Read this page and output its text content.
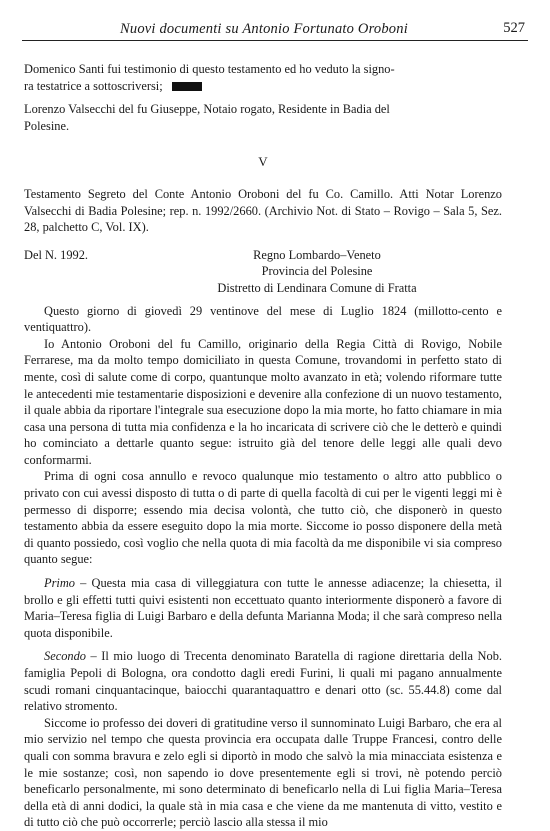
Nuovi documenti su Antonio Fortunato Oroboni	527

Domenico Santi fui testimonio di questo testamento ed ho veduto la signo-

ra testatrice a sottoscriversi;

Lorenzo Valsecchi del fu Giuseppe, Notaio rogato, Residente in Badia del

Polesine.

V

Testamento Segreto del Conte Antonio Oroboni del fu Co. Camillo. Atti Notar Lorenzo Valsecchi di Badia Polesine; rep. n. 1992/2660. (Archivio Not. di Stato – Rovigo – Sala 5, Sez. 28, palchetto C, Vol. IX).

Del N. 1992.	Regno Lombardo–Veneto
Provincia del Polesine
Distretto di Lendinara Comune di Fratta

Questo giorno di giovedì 29 ventinove del mese di Luglio 1824 (millotto-cento e ventiquattro).

Io Antonio Oroboni del fu Camillo, originario della Regia Città di Rovigo, Nobile Ferrarese, ma da molto tempo domiciliato in questa Comune, trovandomi in perfetto stato di mente, così di salute come di corpo, quantunque molto avanzato in età; volendo riformare tutte le antecedenti mie testamentarie disposizioni e devenire alla confezione di un nuovo testamento, il quale abbia da riportare l'integrale sua esecuzione dopo la mia morte, ho fatto chiamare in mia casa una persona di tutta mia confidenza e la ho incaricata di scrivere ciò che le detterò e quindi ho cominciato a dettarle quanto segue: istruito già del tenore delle leggi alle quali devo conformarmi.

Prima di ogni cosa annullo e revoco qualunque mio testamento o altro atto pubblico o privato con cui avessi disposto di tutta o di parte di quella facoltà di cui per le vigenti leggi mi è permesso di disporre; essendo mia decisa volontà, che tutto ciò, che disponerò in questo testamento abbia da essere eseguito dopo la mia morte. Siccome io posso disponere della metà di quanto possiedo, così voglio che nella quota di mia facoltà da me disponibile vi sia compreso quanto segue:

Primo – Questa mia casa di villeggiatura con tutte le annesse adiacenze; la chiesetta, il brollo e gli effetti tutti quivi esistenti non eccettuato quanto interiormente disponerò a favore di Maria–Teresa figlia di Luigi Barbaro e della defunta Marianna Moda; il che sarà compreso nella quota disponibile.

Secondo – Il mio luogo di Trecenta denominato Baratella di ragione direttaria della Nob. famiglia Pepoli di Bologna, ora condotto dagli eredi Furini, li quali mi pagano annualmente scudi romani cinquantacinque, baiocchi quarantaquattro e denari otto (sc. 55.44.8) come dal relativo stromento.

Siccome io professo dei doveri di gratitudine verso il sunnominato Luigi Barbaro, che era al mio servizio nel tempo che questa provincia era occupata dalle Truppe Francesi, contro delle quali con somma bravura e zelo egli si diportò in modo che salvò la mia minacciata esistenza e le mie sostanze; così, non sapendo io dove presentemente egli si trovi, nè potendo perciò beneficarlo personalmente, mi sono determinato di beneficarlo nella di Lui figlia Maria–Teresa della età di anni dodici, la quale stà in mia casa e che viene da me mantenuta di vitto, vestito e di tutto ciò che può occorrerle; perciò lascio alla stessa il mio
